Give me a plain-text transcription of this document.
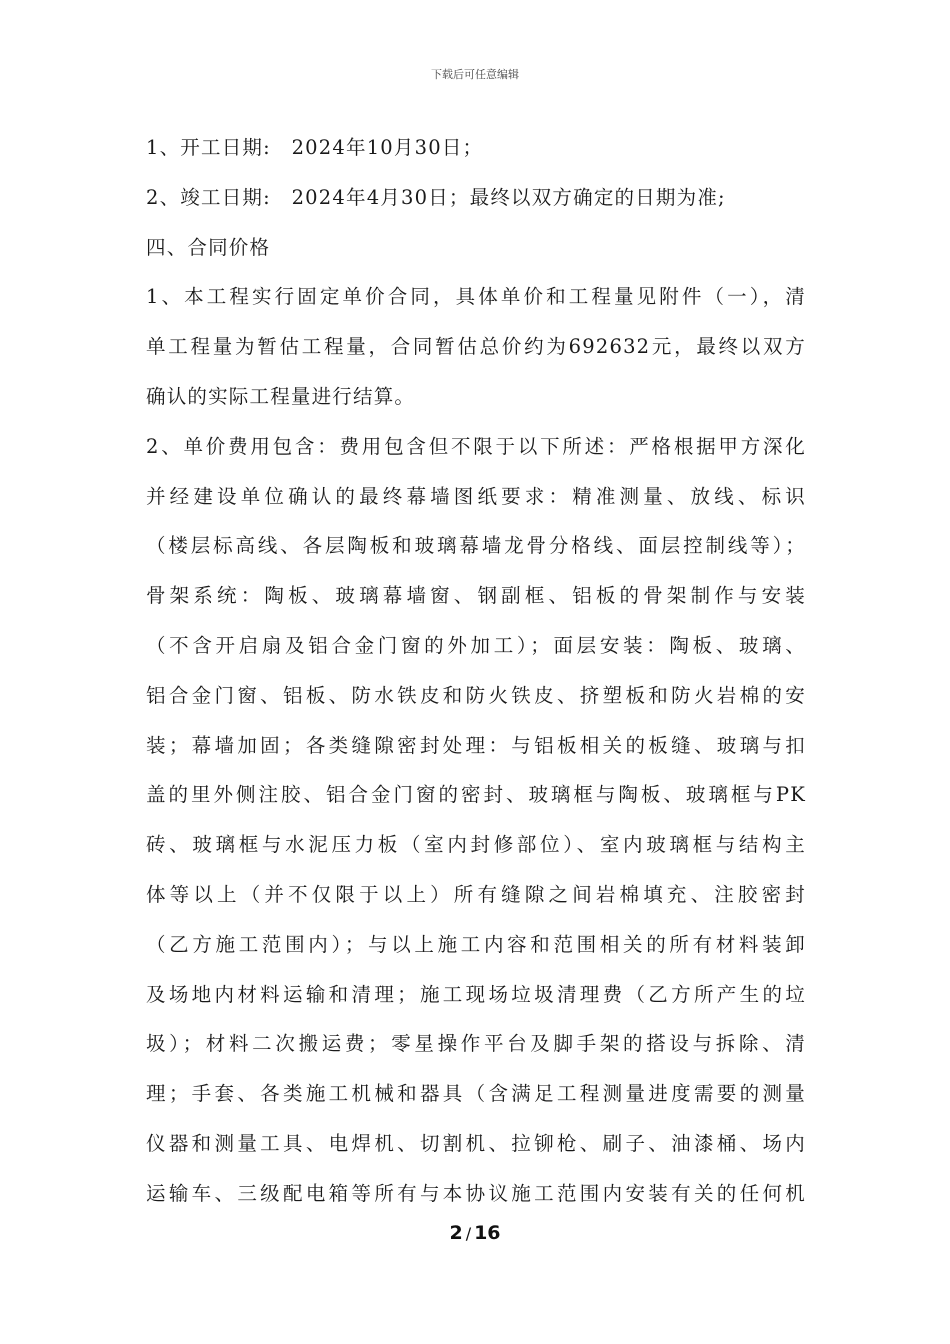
下载后可任意编辑
1、开工日期:　2024年10月30日；
2、竣工日期:　2024年4月30日；最终以双方确定的日期为准;
四、合同价格
1、本工程实行固定单价合同，具体单价和工程量见附件（一），清
单工程量为暂估工程量，合同暂估总价约为692632元，最终以双方
确认的实际工程量进行结算。
2、单价费用包含：费用包含但不限于以下所述：严格根据甲方深化
并经建设单位确认的最终幕墙图纸要求：精准测量、放线、标识
（楼层标高线、各层陶板和玻璃幕墙龙骨分格线、面层控制线等）；
骨架系统：陶板、玻璃幕墙窗、钢副框、铝板的骨架制作与安装
（不含开启扇及铝合金门窗的外加工）；面层安装：陶板、玻璃、
铝合金门窗、铝板、防水铁皮和防火铁皮、挤塑板和防火岩棉的安
装；幕墙加固；各类缝隙密封处理：与铝板相关的板缝、玻璃与扣
盖的里外侧注胶、铝合金门窗的密封、玻璃框与陶板、玻璃框与PK
砖、玻璃框与水泥压力板（室内封修部位）、室内玻璃框与结构主
体等以上（并不仅限于以上）所有缝隙之间岩棉填充、注胶密封
（乙方施工范围内）；与以上施工内容和范围相关的所有材料装卸
及场地内材料运输和清理；施工现场垃圾清理费（乙方所产生的垃
圾）；材料二次搬运费；零星操作平台及脚手架的搭设与拆除、清
理；手套、各类施工机械和器具（含满足工程测量进度需要的测量
仪器和测量工具、电焊机、切割机、拉铆枪、刷子、油漆桶、场内
运输车、三级配电箱等所有与本协议施工范围内安装有关的任何机
2 / 16
